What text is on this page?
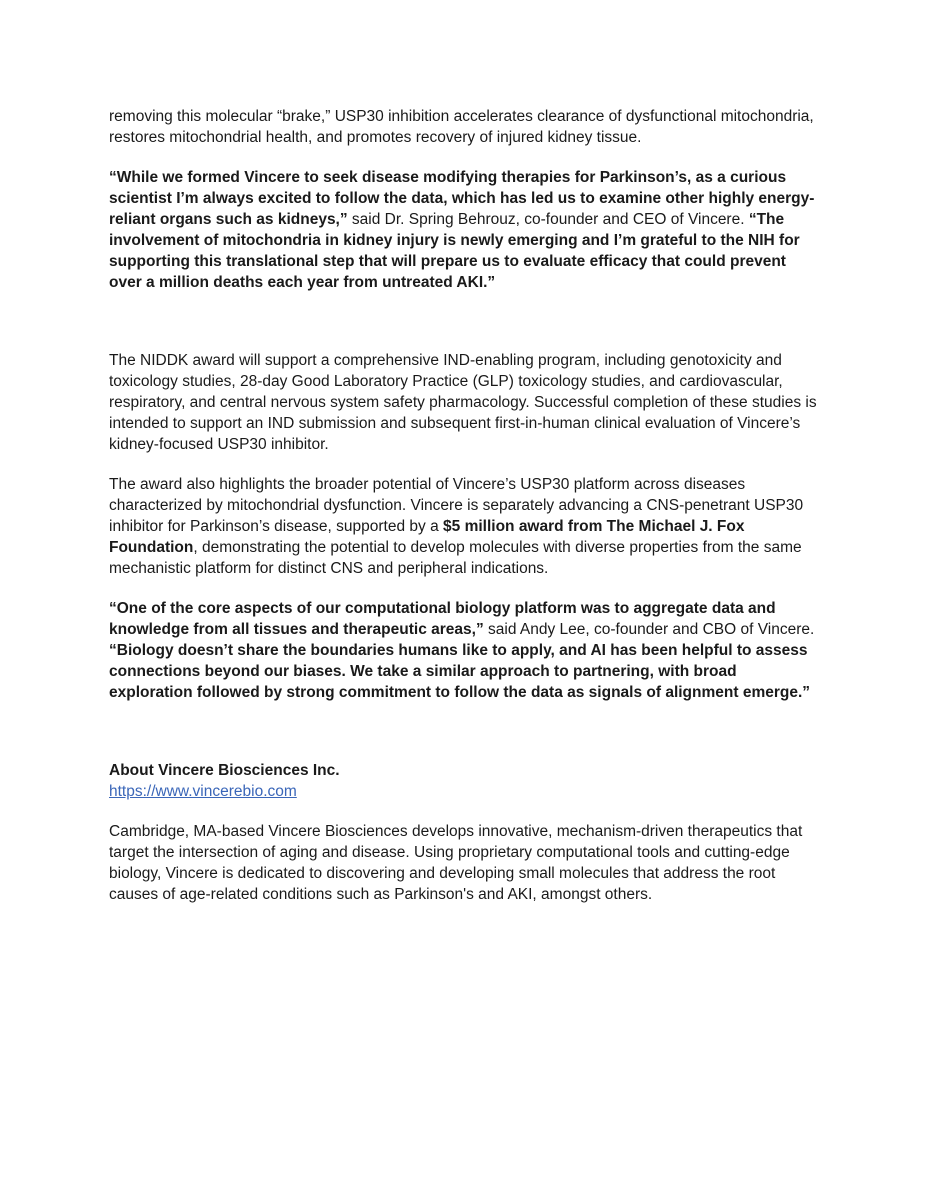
removing this molecular “brake,” USP30 inhibition accelerates clearance of dysfunctional mitochondria, restores mitochondrial health, and promotes recovery of injured kidney tissue.

“While we formed Vincere to seek disease modifying therapies for Parkinson’s, as a curious scientist I’m always excited to follow the data, which has led us to examine other highly energy-reliant organs such as kidneys,” said Dr. Spring Behrouz, co-founder and CEO of Vincere. “The involvement of mitochondria in kidney injury is newly emerging and I’m grateful to the NIH for supporting this translational step that will prepare us to evaluate efficacy that could prevent over a million deaths each year from untreated AKI.”

The NIDDK award will support a comprehensive IND-enabling program, including genotoxicity and toxicology studies, 28-day Good Laboratory Practice (GLP) toxicology studies, and cardiovascular, respiratory, and central nervous system safety pharmacology. Successful completion of these studies is intended to support an IND submission and subsequent first-in-human clinical evaluation of Vincere’s kidney-focused USP30 inhibitor.

The award also highlights the broader potential of Vincere’s USP30 platform across diseases characterized by mitochondrial dysfunction. Vincere is separately advancing a CNS-penetrant USP30 inhibitor for Parkinson’s disease, supported by a $5 million award from The Michael J. Fox Foundation, demonstrating the potential to develop molecules with diverse properties from the same mechanistic platform for distinct CNS and peripheral indications.

“One of the core aspects of our computational biology platform was to aggregate data and knowledge from all tissues and therapeutic areas,” said Andy Lee, co-founder and CBO of Vincere. “Biology doesn’t share the boundaries humans like to apply, and AI has been helpful to assess connections beyond our biases. We take a similar approach to partnering, with broad exploration followed by strong commitment to follow the data as signals of alignment emerge.”

About Vincere Biosciences Inc.
https://www.vincerebio.com

Cambridge, MA-based Vincere Biosciences develops innovative, mechanism-driven therapeutics that target the intersection of aging and disease. Using proprietary computational tools and cutting-edge biology, Vincere is dedicated to discovering and developing small molecules that address the root causes of age-related conditions such as Parkinson's and AKI, amongst others.
